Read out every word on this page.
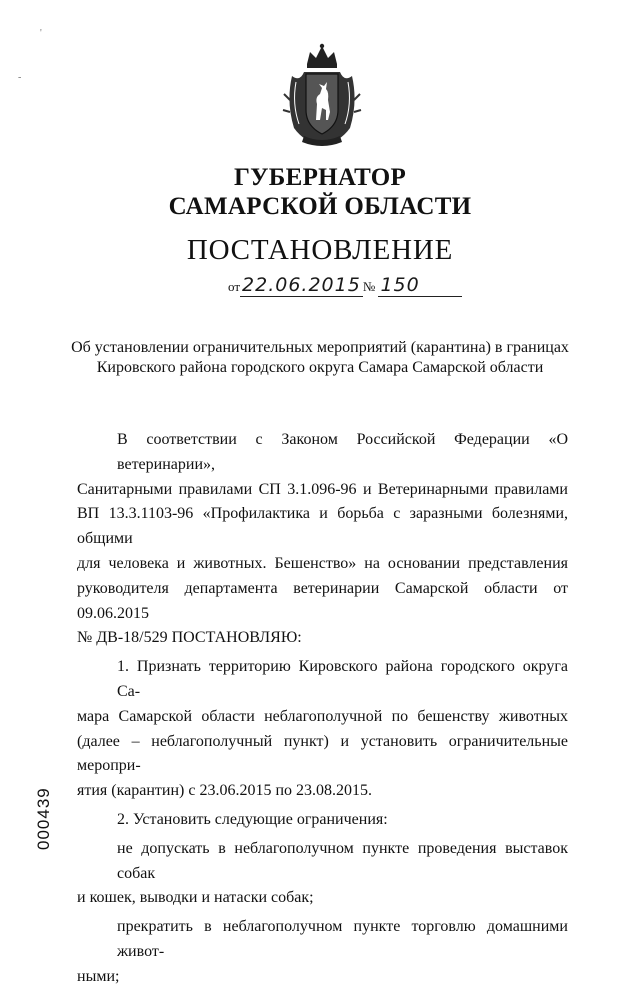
'
-
ГУБЕРНАТОР
САМАРСКОЙ ОБЛАСТИ
ПОСТАНОВЛЕНИЕ
от 22.06.2015 № 150
Об установлении ограничительных мероприятий (карантина) в границах
Кировского района городского округа Самара Самарской области

В соответствии с Законом Российской Федерации «О ветеринарии»,
Санитарными правилами СП 3.1.096-96 и Ветеринарными правилами
ВП 13.3.1103-96 «Профилактика и борьба с заразными болезнями, общими
для человека и животных. Бешенство» на основании представления
руководителя департамента ветеринарии Самарской области от 09.06.2015
№ ДВ-18/529 ПОСТАНОВЛЯЮ:

1. Признать территорию Кировского района городского округа Са-
мара Самарской области неблагополучной по бешенству животных
(далее – неблагополучный пункт) и установить ограничительные меропри-
ятия (карантин) с 23.06.2015 по 23.08.2015.

2. Установить следующие ограничения:

не допускать в неблагополучном пункте проведения выставок собак
и кошек, выводки и натаски собак;

прекратить в неблагополучном пункте торговлю домашними живот-
ными;

000439
